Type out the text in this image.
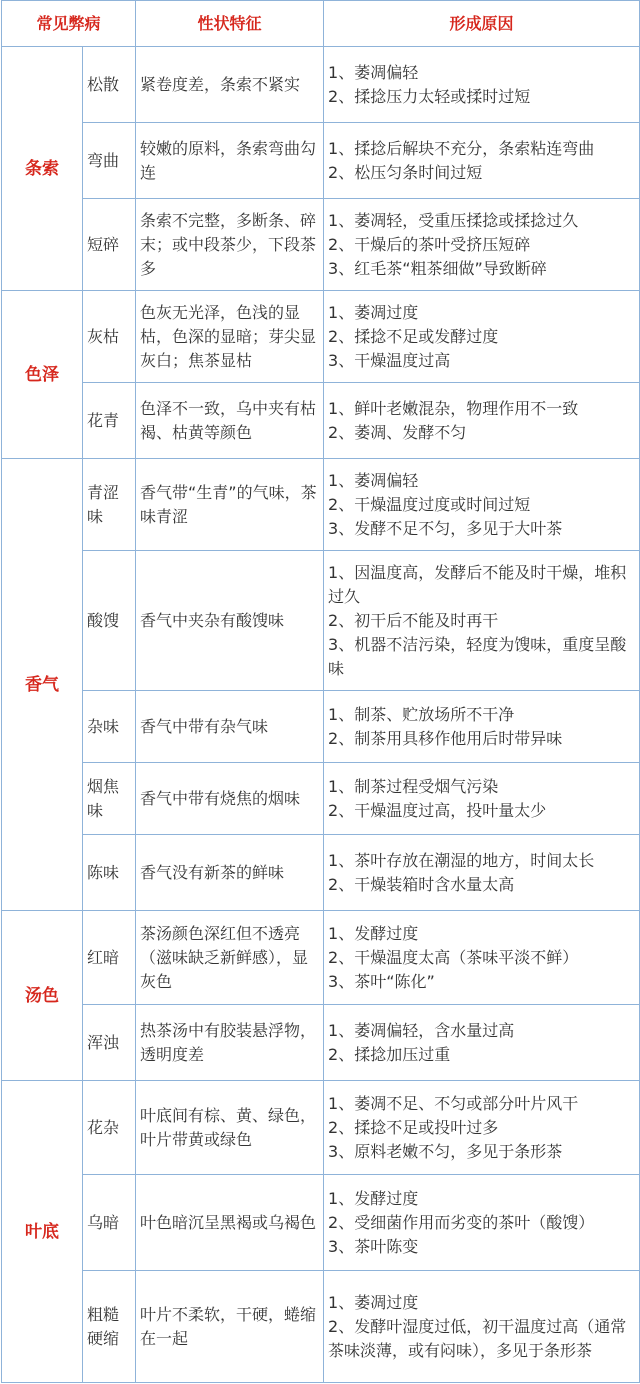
常见弊病		性状特征	形成原因
条索	松散	紧卷度差，条索不紧实	1、萎凋偏轻
2、揉捻压力太轻或揉时过短

	弯曲	较嫩的原料，条索弯曲勾连	1、揉捻后解块不充分，条索粘连弯曲
2、松压匀条时间过短

	短碎	条索不完整，多断条、碎末；或中段茶少，下段茶多	1、萎凋轻，受重压揉捻或揉捻过久
2、干燥后的茶叶受挤压短碎
3、红毛茶“粗茶细做”导致断碎

色泽	灰枯	色灰无光泽，色浅的显枯，色深的显暗；芽尖显灰白；焦茶显枯	1、萎凋过度
2、揉捻不足或发酵过度
3、干燥温度过高

	花青	色泽不一致，乌中夹有枯褐、枯黄等颜色	1、鲜叶老嫩混杂，物理作用不一致
2、萎凋、发酵不匀

香气	青涩味	香气带“生青”的气味，茶味青涩	1、萎凋偏轻
2、干燥温度过度或时间过短
3、发酵不足不匀，多见于大叶茶

	酸馊	香气中夹杂有酸馊味	1、因温度高，发酵后不能及时干燥，堆积过久
2、初干后不能及时再干
3、机器不洁污染，轻度为馊味，重度呈酸味

	杂味	香气中带有杂气味	1、制茶、贮放场所不干净
2、制茶用具移作他用后时带异味

	烟焦味	香气中带有烧焦的烟味	1、制茶过程受烟气污染
2、干燥温度过高，投叶量太少

	陈味	香气没有新茶的鲜味	1、茶叶存放在潮湿的地方，时间太长
2、干燥装箱时含水量太高

汤色	红暗	茶汤颜色深红但不透亮（滋味缺乏新鲜感），显灰色	1、发酵过度
2、干燥温度太高（茶味平淡不鲜）
3、茶叶“陈化”

	浑浊	热茶汤中有胶装悬浮物，透明度差	1、萎凋偏轻，含水量过高
2、揉捻加压过重

叶底	花杂	叶底间有棕、黄、绿色，叶片带黄或绿色	1、萎凋不足、不匀或部分叶片风干
2、揉捻不足或投叶过多
3、原料老嫩不匀，多见于条形茶

	乌暗	叶色暗沉呈黑褐或乌褐色	1、发酵过度
2、受细菌作用而劣变的茶叶（酸馊）
3、茶叶陈变

	粗糙硬缩	叶片不柔软，干硬，蜷缩在一起	1、萎凋过度
2、发酵叶湿度过低，初干温度过高（通常茶味淡薄，或有闷味），多见于条形茶
